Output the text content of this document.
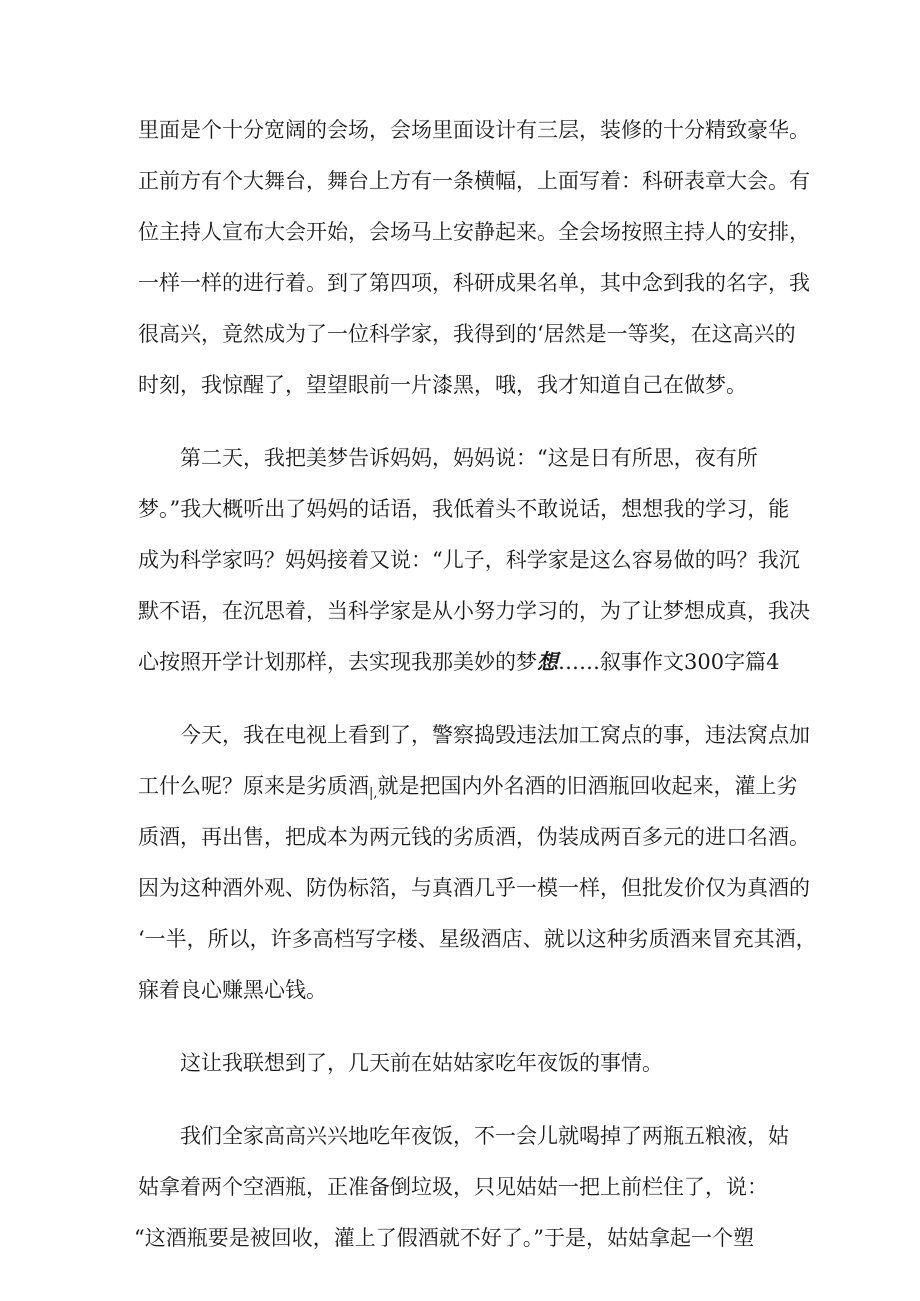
里面是个十分宽阔的会场，会场里面设计有三层，装修的十分精致豪华。
正前方有个大舞台，舞台上方有一条横幅，上面写着：科研表章大会。有
位主持人宣布大会开始，会场马上安静起来。全会场按照主持人的安排，
一样一样的进行着。到了第四项，科研成果名单，其中念到我的名字，我
很高兴，竟然成为了一位科学家，我得到的‘居然是一等奖，在这高兴的
时刻，我惊醒了，望望眼前一片漆黑，哦，我才知道自己在做梦。
第二天，我把美梦告诉妈妈，妈妈说：“这是日有所思，夜有所
梦。”我大概听出了妈妈的话语，我低着头不敢说话，想想我的学习，能
成为科学家吗？妈妈接着又说：“儿子，科学家是这么容易做的吗？我沉
默不语，在沉思着，当科学家是从小努力学习的，为了让梦想成真，我决
心按照开学计划那样，去实现我那美妙的梦想……叙事作文300字篇4
今天，我在电视上看到了，警察捣毁违法加工窝点的事，违法窝点加
工什么呢？原来是劣质酒|,就是把国内外名酒的旧酒瓶回收起来，灌上劣
质酒，再出售，把成本为两元钱的劣质酒，伪装成两百多元的进口名酒。
因为这种酒外观、防伪标箔，与真酒几乎一模一样，但批发价仅为真酒的
‘一半，所以，许多高档写字楼、星级酒店、就以这种劣质酒来冒充其酒，
寐着良心赚黑心钱。
这让我联想到了，几天前在姑姑家吃年夜饭的事情。
我们全家高高兴兴地吃年夜饭，不一会儿就喝掉了两瓶五粮液，姑
姑拿着两个空酒瓶，正准备倒垃圾，只见姑姑一把上前栏住了，说：
“这酒瓶要是被回收，灌上了假酒就不好了。”于是，姑姑拿起一个塑
